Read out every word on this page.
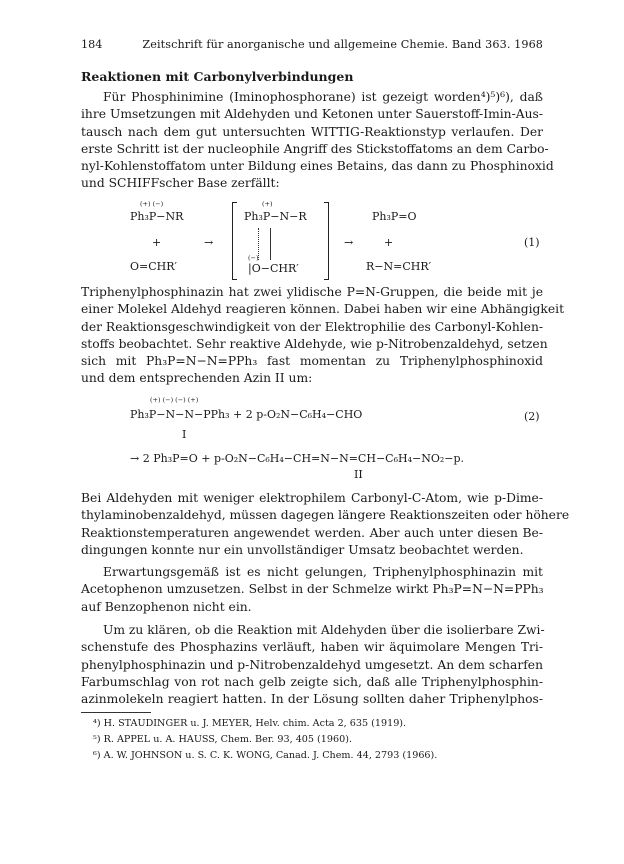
184	Zeitschrift für anorganische und allgemeine Chemie. Band 363. 1968
Reaktionen mit Carbonylverbindungen
Für Phosphinimine (Iminophosphorane) ist gezeigt worden⁴)⁵)⁶), daß
ihre Umsetzungen mit Aldehyden und Ketonen unter Sauerstoff-Imin-Aus-
tausch nach dem gut untersuchten WITTIG-Reaktionstyp verlaufen. Der
erste Schritt ist der nucleophile Angriff des Stickstoffatoms an dem Carbo-
nyl-Kohlenstoffatom unter Bildung eines Betains, das dann zu Phosphinoxid
und SCHIFFscher Base zerfällt:
(+) (−)
Ph₃P−NR
+
O=CHR′
→
(+)
Ph₃P−N−R
(−)
|O−CHR′
→
Ph₃P=O
+
R−N=CHR′
(1)
Triphenylphosphinazin hat zwei ylidische P=N-Gruppen, die beide mit je
einer Molekel Aldehyd reagieren können. Dabei haben wir eine Abhängigkeit
der Reaktionsgeschwindigkeit von der Elektrophilie des Carbonyl-Kohlen-
stoffs beobachtet. Sehr reaktive Aldehyde, wie p-Nitrobenzaldehyd, setzen
sich mit Ph₃P=N−N=PPh₃ fast momentan zu Triphenylphosphinoxid
und dem entsprechenden Azin II um:
(+) (−) (−) (+)
Ph₃P−N−N−PPh₃ + 2 p-O₂N−C₆H₄−CHO
I
(2)
→ 2 Ph₃P=O + p-O₂N−C₆H₄−CH=N−N=CH−C₆H₄−NO₂−p.
II
Bei Aldehyden mit weniger elektrophilem Carbonyl-C-Atom, wie p-Dime-
thylaminobenzaldehyd, müssen dagegen längere Reaktionszeiten oder höhere
Reaktionstemperaturen angewendet werden. Aber auch unter diesen Be-
dingungen konnte nur ein unvollständiger Umsatz beobachtet werden.
Erwartungsgemäß ist es nicht gelungen, Triphenylphosphinazin mit
Acetophenon umzusetzen. Selbst in der Schmelze wirkt Ph₃P=N−N=PPh₃
auf Benzophenon nicht ein.
Um zu klären, ob die Reaktion mit Aldehyden über die isolierbare Zwi-
schenstufe des Phosphazins verläuft, haben wir äquimolare Mengen Tri-
phenylphosphinazin und p-Nitrobenzaldehyd umgesetzt. An dem scharfen
Farbumschlag von rot nach gelb zeigte sich, daß alle Triphenylphosphin-
azinmolekeln reagiert hatten. In der Lösung sollten daher Triphenylphos-
⁴) H. STAUDINGER u. J. MEYER, Helv. chim. Acta 2, 635 (1919).
⁵) R. APPEL u. A. HAUSS, Chem. Ber. 93, 405 (1960).
⁶) A. W. JOHNSON u. S. C. K. WONG, Canad. J. Chem. 44, 2793 (1966).
